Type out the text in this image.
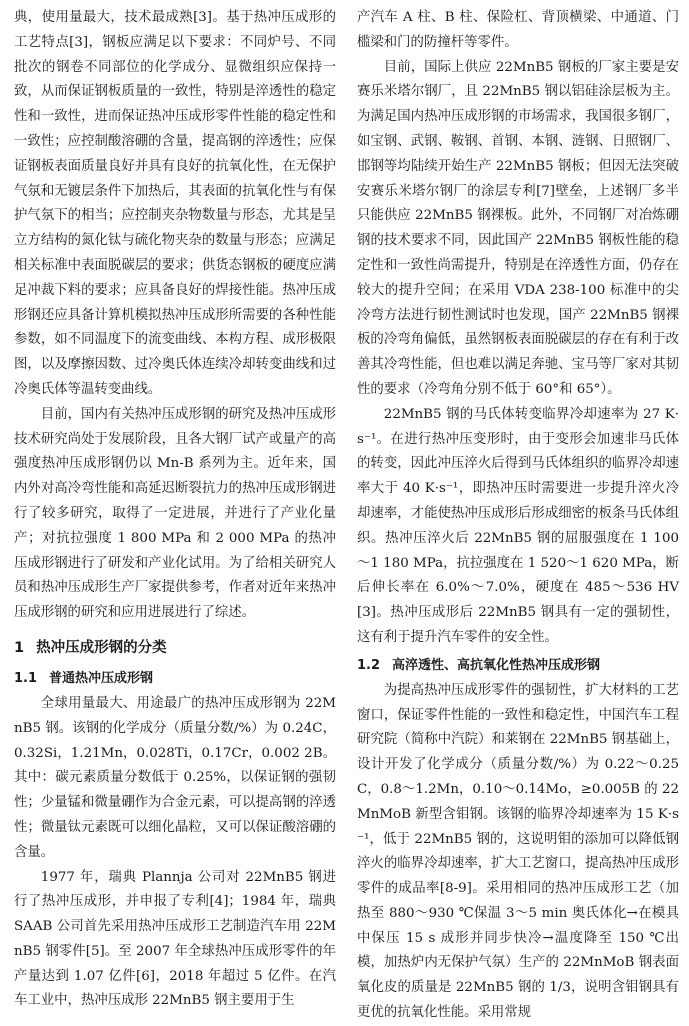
典，使用量最大，技术最成熟[3]。基于热冲压成形的工艺特点[3]，钢板应满足以下要求：不同炉号、不同批次的钢卷不同部位的化学成分、显微组织应保持一致，从而保证钢板质量的一致性，特别是淬透性的稳定性和一致性，进而保证热冲压成形零件性能的稳定性和一致性；应控制酸溶硼的含量，提高钢的淬透性；应保证钢板表面质量良好并具有良好的抗氧化性，在无保护气氛和无镀层条件下加热后，其表面的抗氧化性与有保护气氛下的相当；应控制夹杂物数量与形态，尤其是呈立方结构的氮化钛与硫化物夹杂的数量与形态；应满足相关标准中表面脱碳层的要求；供货态钢板的硬度应满足冲裁下料的要求；应具备良好的焊接性能。热冲压成形钢还应具备计算机模拟热冲压成形所需要的各种性能参数，如不同温度下的流变曲线、本构方程、成形极限图，以及摩擦因数、过冷奥氏体连续冷却转变曲线和过冷奥氏体等温转变曲线。

目前，国内有关热冲压成形钢的研究及热冲压成形技术研究尚处于发展阶段，且各大钢厂试产或量产的高强度热冲压成形钢仍以 Mn-B 系列为主。近年来，国内外对高冷弯性能和高延迟断裂抗力的热冲压成形钢进行了较多研究，取得了一定进展，并进行了产业化量产；对抗拉强度 1 800 MPa 和 2 000 MPa 的热冲压成形钢进行了研发和产业化试用。为了给相关研究人员和热冲压成形生产厂家提供参考，作者对近年来热冲压成形钢的研究和应用进展进行了综述。

1 热冲压成形钢的分类
1.1 普通热冲压成形钢

全球用量最大、用途最广的热冲压成形钢为 22MnB5 钢。该钢的化学成分（质量分数/%）为 0.24C，0.32Si，1.21Mn，0.028Ti，0.17Cr，0.002 2B。其中：碳元素质量分数低于 0.25%，以保证钢的强韧性；少量锰和微量硼作为合金元素，可以提高钢的淬透性；微量钛元素既可以细化晶粒，又可以保证酸溶硼的含量。

1977 年，瑞典 Plannja 公司对 22MnB5 钢进行了热冲压成形，并申报了专利[4]；1984 年，瑞典 SAAB 公司首先采用热冲压成形工艺制造汽车用 22MnB5 钢零件[5]。至 2007 年全球热冲压成形零件的年产量达到 1.07 亿件[6]，2018 年超过 5 亿件。在汽车工业中，热冲压成形 22MnB5 钢主要用于生

产汽车 A 柱、B 柱、保险杠、背顶横梁、中通道、门槛梁和门的防撞杆等零件。

目前，国际上供应 22MnB5 钢板的厂家主要是安赛乐米塔尔钢厂，且 22MnB5 钢以铝硅涂层板为主。为满足国内热冲压成形钢的市场需求，我国很多钢厂，如宝钢、武钢、鞍钢、首钢、本钢、涟钢、日照钢厂、邯钢等均陆续开始生产 22MnB5 钢板；但因无法突破安赛乐米塔尔钢厂的涂层专利[7]壁垒，上述钢厂多半只能供应 22MnB5 钢裸板。此外，不同钢厂对冶炼硼钢的技术要求不同，因此国产 22MnB5 钢板性能的稳定性和一致性尚需提升，特别是在淬透性方面，仍存在较大的提升空间；在采用 VDA 238-100 标准中的尖冷弯方法进行韧性测试时也发现，国产 22MnB5 钢裸板的冷弯角偏低，虽然钢板表面脱碳层的存在有利于改善其冷弯性能，但也难以满足奔驰、宝马等厂家对其韧性的要求（冷弯角分别不低于 60°和 65°）。

22MnB5 钢的马氏体转变临界冷却速率为 27 K·s⁻¹。在进行热冲压变形时，由于变形会加速非马氏体的转变，因此冲压淬火后得到马氏体组织的临界冷却速率大于 40 K·s⁻¹，即热冲压时需要进一步提升淬火冷却速率，才能使热冲压成形后形成细密的板条马氏体组织。热冲压淬火后 22MnB5 钢的屈服强度在 1 100～1 180 MPa，抗拉强度在 1 520～1 620 MPa，断后伸长率在 6.0%～7.0%，硬度在 485～536 HV[3]。热冲压成形后 22MnB5 钢具有一定的强韧性，这有利于提升汽车零件的安全性。

1.2 高淬透性、高抗氧化性热冲压成形钢

为提高热冲压成形零件的强韧性，扩大材料的工艺窗口，保证零件性能的一致性和稳定性，中国汽车工程研究院（简称中汽院）和莱钢在 22MnB5 钢基础上，设计开发了化学成分（质量分数/%）为 0.22～0.25C，0.8～1.2Mn，0.10～0.14Mo，≥0.005B 的 22MnMoB 新型含钼钢。该钢的临界冷却速率为 15 K·s⁻¹，低于 22MnB5 钢的，这说明钼的添加可以降低钢淬火的临界冷却速率，扩大工艺窗口，提高热冲压成形零件的成品率[8-9]。采用相同的热冲压成形工艺（加热至 880～930 ℃保温 3～5 min 奥氏体化→在模具中保压 15 s 成形并同步快冷→温度降至 150 ℃出模，加热炉内无保护气氛）生产的 22MnMoB 钢表面氧化皮的质量是 22MnB5 钢的 1/3，说明含钼钢具有更优的抗氧化性能。采用常规
